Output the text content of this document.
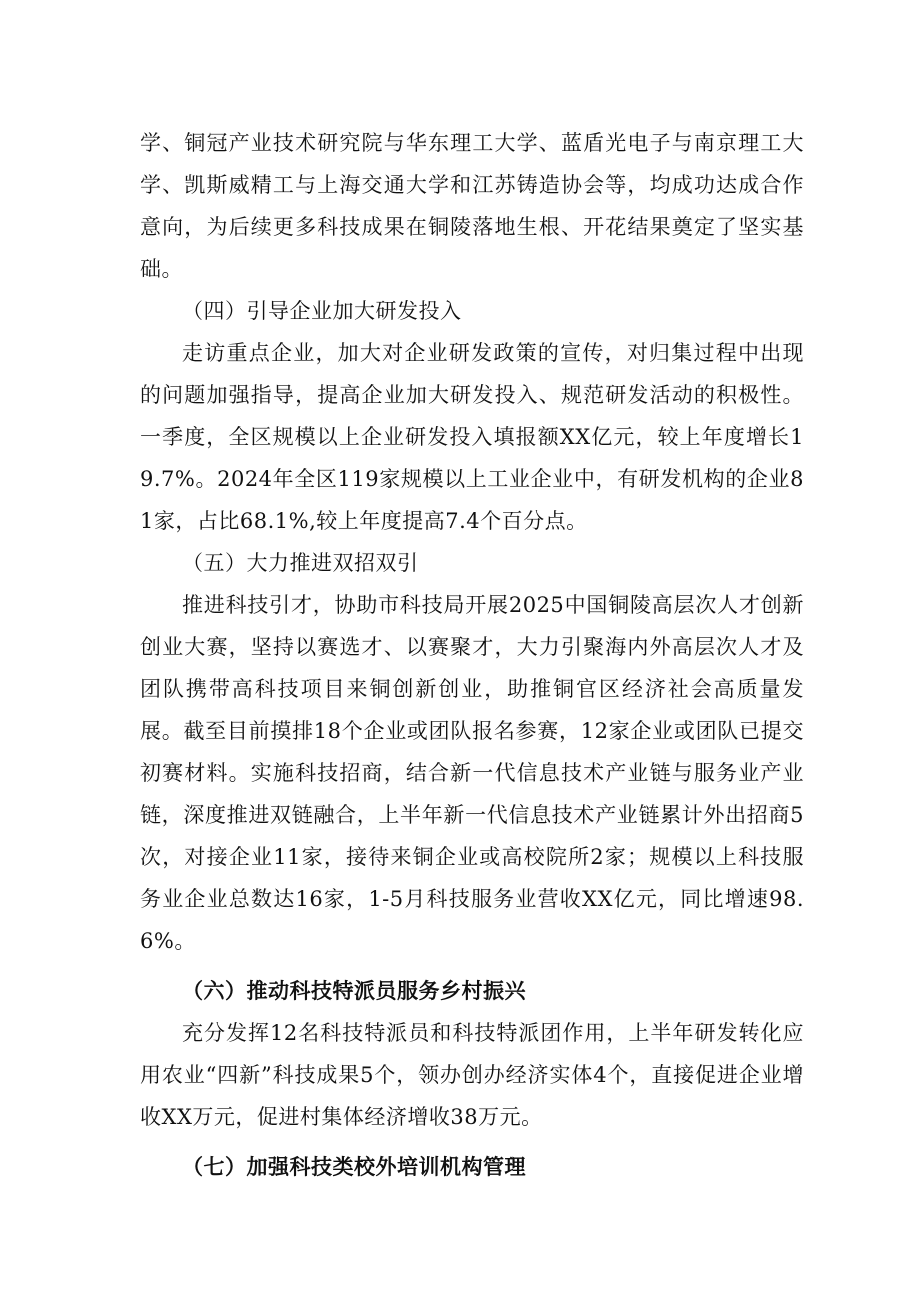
学、铜冠产业技术研究院与华东理工大学、蓝盾光电子与南京理工大学、凯斯威精工与上海交通大学和江苏铸造协会等，均成功达成合作意向，为后续更多科技成果在铜陵落地生根、开花结果奠定了坚实基础。

（四）引导企业加大研发投入

走访重点企业，加大对企业研发政策的宣传，对归集过程中出现的问题加强指导，提高企业加大研发投入、规范研发活动的积极性。一季度，全区规模以上企业研发投入填报额XX亿元，较上年度增长19.7%。2024年全区119家规模以上工业企业中，有研发机构的企业81家，占比68.1%,较上年度提高7.4个百分点。

（五）大力推进双招双引

推进科技引才，协助市科技局开展2025中国铜陵高层次人才创新创业大赛，坚持以赛选才、以赛聚才，大力引聚海内外高层次人才及团队携带高科技项目来铜创新创业，助推铜官区经济社会高质量发展。截至目前摸排18个企业或团队报名参赛，12家企业或团队已提交初赛材料。实施科技招商，结合新一代信息技术产业链与服务业产业链，深度推进双链融合，上半年新一代信息技术产业链累计外出招商5次，对接企业11家，接待来铜企业或高校院所2家；规模以上科技服务业企业总数达16家，1-5月科技服务业营收XX亿元，同比增速98.6%。

（六）推动科技特派员服务乡村振兴

充分发挥12名科技特派员和科技特派团作用，上半年研发转化应用农业“四新”科技成果5个，领办创办经济实体4个，直接促进企业增收XX万元，促进村集体经济增收38万元。

（七）加强科技类校外培训机构管理
